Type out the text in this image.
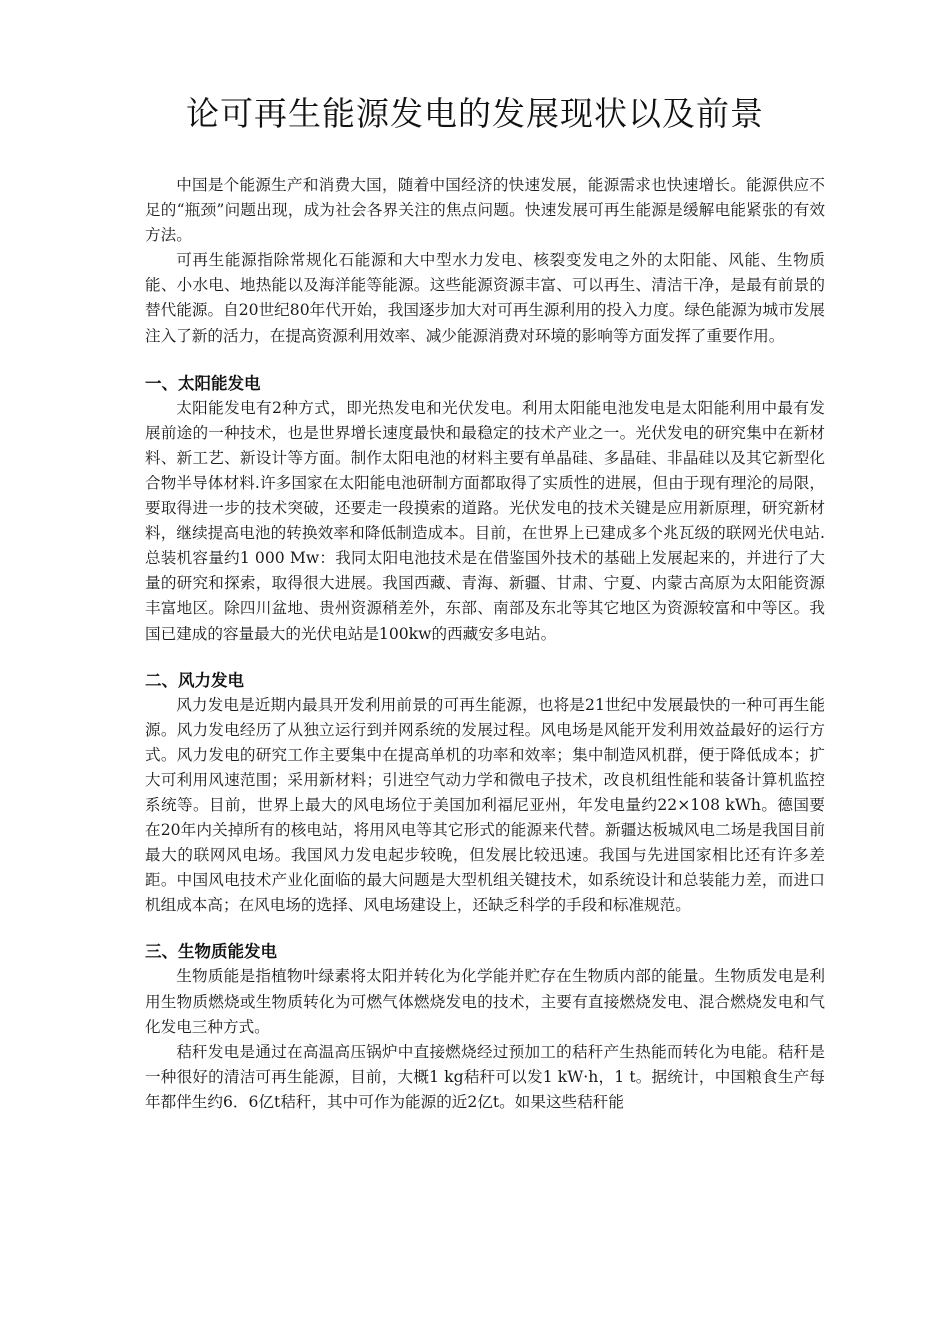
论可再生能源发电的发展现状以及前景

中国是个能源生产和消费大国，随着中国经济的快速发展，能源需求也快速增长。能源供应不足的“瓶颈”问题出现，成为社会各界关注的焦点问题。快速发展可再生能源是缓解电能紧张的有效方法。

可再生能源指除常规化石能源和大中型水力发电、核裂变发电之外的太阳能、风能、生物质能、小水电、地热能以及海洋能等能源。这些能源资源丰富、可以再生、清洁干净，是最有前景的替代能源。自20世纪80年代开始，我国逐步加大对可再生源利用的投入力度。绿色能源为城市发展注入了新的活力，在提高资源利用效率、减少能源消费对环境的影响等方面发挥了重要作用。

一、太阳能发电

太阳能发电有2种方式，即光热发电和光伏发电。利用太阳能电池发电是太阳能利用中最有发展前途的一种技术，也是世界增长速度最快和最稳定的技术产业之一。光伏发电的研究集中在新材料、新工艺、新设计等方面。制作太阳电池的材料主要有单晶硅、多晶硅、非晶硅以及其它新型化合物半导体材料.许多国家在太阳能电池研制方面都取得了实质性的进展，但由于现有理沦的局限，要取得进一步的技术突破，还要走一段摸索的道路。光伏发电的技术关键是应用新原理，研究新材料，继续提高电池的转换效率和降低制造成本。目前，在世界上已建成多个兆瓦级的联网光伏电站. 总装机容量约1 000 Mw：我同太阳电池技术是在借鉴国外技术的基础上发展起来的，并进行了大量的研究和探索，取得很大进展。我国西藏、青海、新疆、甘肃、宁夏、内蒙古高原为太阳能资源丰富地区。除四川盆地、贵州资源稍差外，东部、南部及东北等其它地区为资源较富和中等区。我国已建成的容量最大的光伏电站是100kw的西藏安多电站。

二、风力发电

风力发电是近期内最具开发利用前景的可再生能源，也将是21世纪中发展最快的一种可再生能源。风力发电经历了从独立运行到并网系统的发展过程。风电场是风能开发利用效益最好的运行方式。风力发电的研究工作主要集中在提高单机的功率和效率；集中制造风机群，便于降低成本；扩大可利用风速范围；采用新材料；引进空气动力学和微电子技术，改良机组性能和装备计算机监控系统等。目前，世界上最大的风电场位于美国加利福尼亚州，年发电量约22×108 kWh。德国要在20年内关掉所有的核电站，将用风电等其它形式的能源来代替。新疆达板城风电二场是我国目前最大的联网风电场。我国风力发电起步较晚，但发展比较迅速。我国与先进国家相比还有许多差距。中国风电技术产业化面临的最大问题是大型机组关键技术，如系统设计和总装能力差，而进口机组成本高；在风电场的选择、风电场建设上，还缺乏科学的手段和标准规范。

三、生物质能发电

生物质能是指植物叶绿素将太阳并转化为化学能并贮存在生物质内部的能量。生物质发电是利用生物质燃烧或生物质转化为可燃气体燃烧发电的技术，主要有直接燃烧发电、混合燃烧发电和气化发电三种方式。

秸秆发电是通过在高温高压锅炉中直接燃烧经过预加工的秸秆产生热能而转化为电能。秸秆是一种很好的清洁可再生能源，目前，大概1 kg秸秆可以发1 kW·h，1 t。据统计，中国粮食生产每年都伴生约6．6亿t秸秆，其中可作为能源的近2亿t。如果这些秸秆能
